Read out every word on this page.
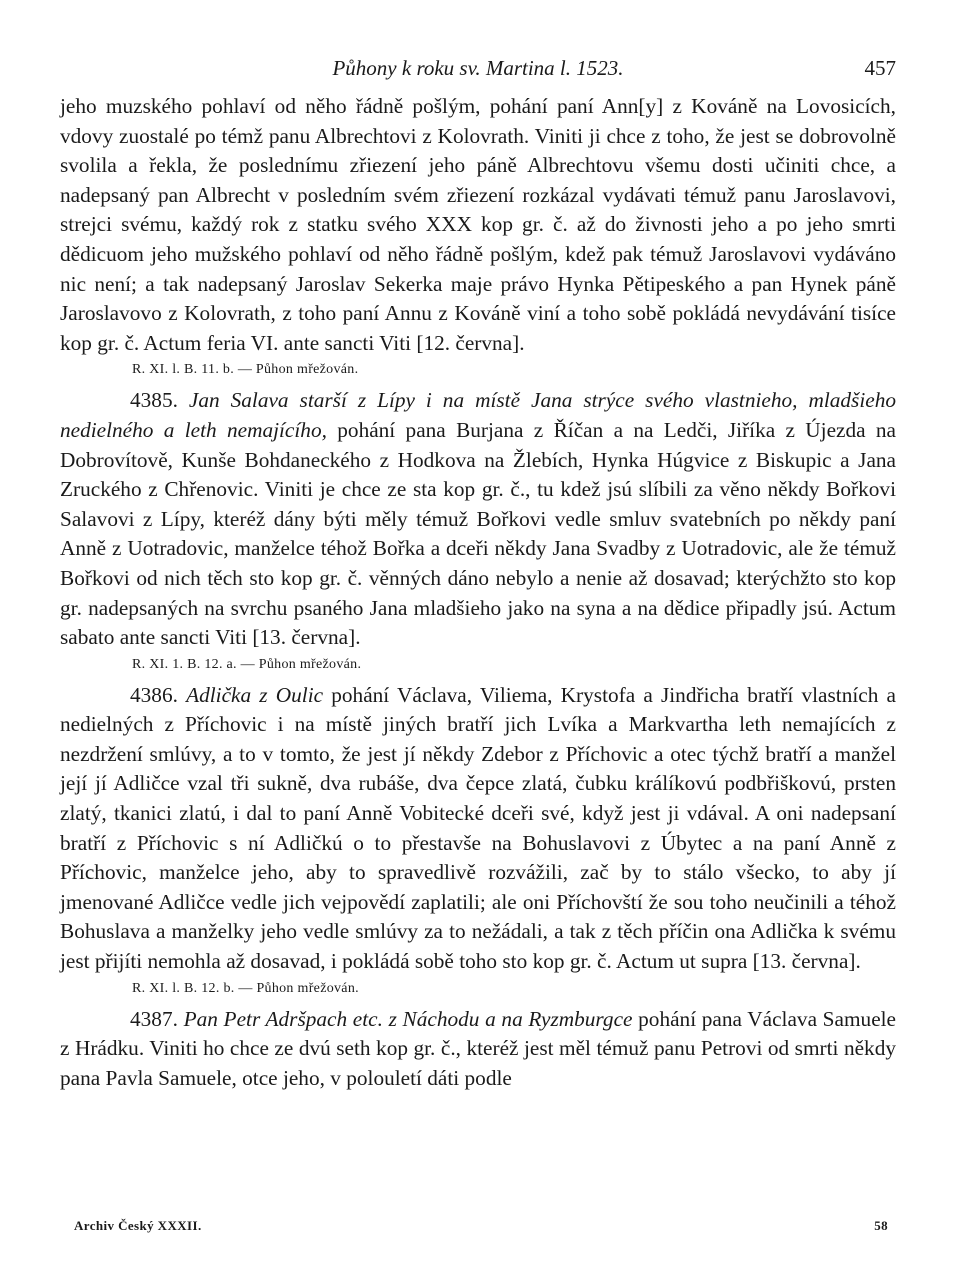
Půhony k roku sv. Martina l. 1523.	457

jeho muzského pohlaví od něho řádně pošlým, pohání paní Ann[y] z Kováně na Lovosicích, vdovy zuostalé po témž panu Albrechtovi z Kolovrath. Viniti ji chce z toho, že jest se dobrovolně svolila a řekla, že poslednímu zřiezení jeho páně Albrechtovu všemu dosti učiniti chce, a nadepsaný pan Albrecht v posledním svém zřiezení rozkázal vydávati témuž panu Jaroslavovi, strejci svému, každý rok z statku svého XXX kop gr. č. až do živnosti jeho a po jeho smrti dědicuom jeho mužského pohlaví od něho řádně pošlým, kdež pak témuž Jaroslavovi vydáváno nic není; a tak nadepsaný Jaroslav Sekerka maje právo Hynka Pětipeského a pan Hynek páně Jaroslavovo z Kolovrath, z toho paní Annu z Kováně viní a toho sobě pokládá nevydávání tisíce kop gr. č. Actum feria VI. ante sancti Viti [12. června].

R. XI. l. B. 11. b. — Půhon mřežován.

4385. Jan Salava starší z Lípy i na místě Jana strýce svého vlastnieho, mladšieho nedielného a leth nemajícího, pohání pana Burjana z Říčan a na Ledči, Jiříka z Újezda na Dobrovítově, Kunše Bohdaneckého z Hodkova na Žlebích, Hynka Húgvice z Biskupic a Jana Zruckého z Chřenovic. Viniti je chce ze sta kop gr. č., tu kdež jsú slíbili za věno někdy Bořkovi Salavovi z Lípy, kteréž dány býti měly témuž Bořkovi vedle smluv svatebních po někdy paní Anně z Uotradovic, manželce téhož Bořka a dceři někdy Jana Svadby z Uotradovic, ale že témuž Bořkovi od nich těch sto kop gr. č. věnných dáno nebylo a nenie až dosavad; kterýchžto sto kop gr. nadepsaných na svrchu psaného Jana mladšieho jako na syna a na dědice připadly jsú. Actum sabato ante sancti Viti [13. června].

R. XI. 1. B. 12. a. — Půhon mřežován.

4386. Adlička z Oulic pohání Václava, Viliema, Krystofa a Jindřicha bratří vlastních a nedielných z Příchovic i na místě jiných bratří jich Lvíka a Markvartha leth nemajících z nezdržení smlúvy, a to v tomto, že jest jí někdy Zdebor z Příchovic a otec týchž bratří a manžel její jí Adličce vzal tři sukně, dva rubáše, dva čepce zlatá, čubku králíkovú podbřiškovú, prsten zlatý, tkanici zlatú, i dal to paní Anně Vobitecké dceři své, když jest ji vdával. A oni nadepsaní bratří z Příchovic s ní Adličkú o to přestavše na Bohuslavovi z Úbytec a na paní Anně z Příchovic, manželce jeho, aby to spravedlivě rozvážili, zač by to stálo všecko, to aby jí jmenované Adličce vedle jich vejpovědí zaplatili; ale oni Příchovští že sou toho neučinili a téhož Bohuslava a manželky jeho vedle smlúvy za to nežádali, a tak z těch příčin ona Adlička k svému jest přijíti nemohla až dosavad, i pokládá sobě toho sto kop gr. č. Actum ut supra [13. června].

R. XI. l. B. 12. b. — Půhon mřežován.

4387. Pan Petr Adršpach etc. z Náchodu a na Ryzmburgce pohání pana Václava Samuele z Hrádku. Viniti ho chce ze dvú seth kop gr. č., kteréž jest měl témuž panu Petrovi od smrti někdy pana Pavla Samuele, otce jeho, v polouletí dáti podle

Archiv Český XXXII.	58
